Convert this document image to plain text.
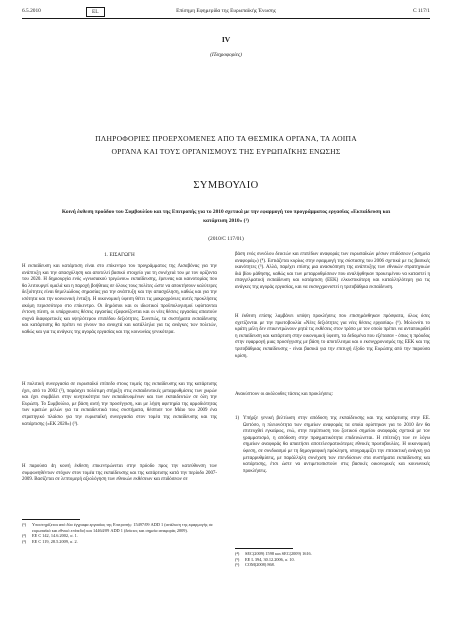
6.5.2010	EL	Επίσημη Εφημερίδα της Ευρωπαϊκής Ένωσης	C 117/1
IV
(Πληροφορίες)
ΠΛΗΡΟΦΟΡΙΕΣ ΠΡΟΕΡΧΟΜΕΝΕΣ ΑΠΟ ΤΑ ΘΕΣΜΙΚΑ ΟΡΓΑΝΑ, ΤΑ ΛΟΙΠΑ
ΟΡΓΑΝΑ ΚΑΙ ΤΟΥΣ ΟΡΓΑΝΙΣΜΟΥΣ ΤΗΣ ΕΥΡΩΠΑΪΚΗΣ ΕΝΩΣΗΣ
ΣΥΜΒΟΥΛΙΟ
Κοινή έκθεση προόδου του Συμβουλίου και της Επιτροπής για το 2010 σχετικά με την εφαρμογή του προγράμματος εργασίας «Εκπαίδευση και κατάρτιση 2010» (¹)
(2010/C 117/01)
1. ΕΙΣΑΓΩΓΗ

Η εκπαίδευση και κατάρτιση είναι στο επίκεντρο του προγράμματος της Λισαβόνας για την ανάπτυξη και την απασχόληση και αποτελεί βασικό στοιχείο για τη συνέχειά του με τον ορίζοντα του 2020. Η δημιουργία ενός «γνωσιακού τριγώνου» εκπαίδευσης, έρευνας και καινοτομίας που θα λειτουργεί ομαλά και η παροχή βοήθειας σε όλους τους πολίτες ώστε να αποκτήσουν καλύτερες δεξιότητες είναι θεμελιώδους σημασίας για την ανάπτυξη και την απασχόληση, καθώς και για την ισότητα και την κοινωνική ένταξη. Η οικονομική ύφεση θέτει τις μακροχρόνιες αυτές προκλήσεις ακόμη περισσότερο στο επίκεντρο. Οι δημόσιοι και οι ιδιωτικοί προϋπολογισμοί υφίστανται έντονη πίεση, οι υπάρχουσες θέσεις εργασίας εξαφανίζονται και οι νέες θέσεις εργασίας απαιτούν συχνά διαφορετικές και υψηλότερου επιπέδου δεξιότητες. Συνεπώς, τα συστήματα εκπαίδευσης και κατάρτισης θα πρέπει να γίνουν πιο ανοιχτά και κατάλληλα για τις ανάγκες των πολιτών, καθώς και για τις ανάγκες της αγοράς εργασίας και της κοινωνίας γενικότερα.

Η πολιτική συνεργασία σε ευρωπαϊκό επίπεδο στους τομείς της εκπαίδευσης και της κατάρτισης έχει, από το 2002 (²), παράσχει πολύτιμη στήριξη στις εκπαιδευτικές μεταρρυθμίσεις των χωρών και έχει συμβάλει στην κινητικότητα των εκπαιδευομένων και των εκπαιδευτών σε όλη την Ευρώπη. Το Συμβούλιο, με βάση αυτή την προσέγγιση, και με λήψη αφετηρία της αρμοδιότητας των κρατών μελών για τα εκπαιδευτικά τους συστήματα, θέσπισε τον Μάιο του 2009 ένα στρατηγικό πλαίσιο για την ευρωπαϊκή συνεργασία στον τομέα της εκπαίδευσης και της κατάρτισης («ΕΚ 2020») (³).

Η παρούσα 4η κοινή έκθεση επικεντρώνεται στην πρόοδο προς την κατεύθυνση των συμφωνηθέντων στόχων στον τομέα της εκπαίδευσης και της κατάρτισης κατά την περίοδο 2007-2009. Βασίζεται σε λεπτομερή αξιολόγηση των εθνικών εκθέσεων και επιδόσεων σε

(¹)	Υποστηρίζεται από δύο έγγραφα εργασίας της Επιτροπής: 15497/09 ADD 1 (ανάλυση της εφαρμογής σε ευρωπαϊκό και εθνικό επίπεδο) και 14464/09 ADD 1 (δείκτες και σημεία αναφοράς 2009).
(²)	ΕΕ C 142, 14.6.2002, σ. 1.
(³)	ΕΕ C 119, 28.5.2009, σ. 2.

βάση ενός συνόλου δεικτών και επιπέδων αναφοράς των ευρωπαϊκών μέσων επιδόσεων («σημεία αναφοράς») (⁴). Εστιάζεται κυρίως στην εφαρμογή της σύστασης του 2006 σχετικά με τις βασικές ικανότητες (⁵). Αλλά, παρέχει επίσης μια ανασκόπηση της ανάπτυξης των εθνικών στρατηγικών διά βίου μάθησης, καθώς και των μεταρρυθμίσεων που αναλήφθηκαν προκειμένου να καταστεί η επαγγελματική εκπαίδευση και κατάρτιση (ΕΕΚ) ελκυστικότερη και καταλληλότερη για τις ανάγκες της αγοράς εργασίας, και να εκσυγχρονιστεί η τριτοβάθμια εκπαίδευση.

Η έκθεση επίσης λαμβάνει υπόψη προκλήσεις που επισημάνθηκαν πρόσφατα, όλως όσες σχετίζονται με την πρωτοβουλία «Νέες δεξιότητες για νέες θέσεις εργασίας» (⁶). Μολονότι το κράτη μέλη δεν επικεντρώνουν ρητά τις εκθέσεις στον τρόπο με τον οποίο πρέπει να ανταποκριθεί η εκπαίδευση και κατάρτιση στην οικονομική ύφεση, τα δεδομένα που εξέτασαν - όπως η πρόοδος στην εφαρμογή μιας προσέγγισης με βάση το αποτέλεσμα και ο εκσυγχρονισμός της ΕΕΚ και της τριτοβάθμιας εκπαίδευσης - είναι βασικά για την επιτυχή έξοδο της Ευρώπης από την παρούσα κρίση.

Ανακύπτουν οι ακόλουθες τάσεις και προκλήσεις:

1) Υπήρξε γενική βελτίωση στην απόδοση της εκπαίδευσης και της κατάρτισης στην ΕΕ. Ωστόσο, η πλειονότητα των σημείων αναφοράς τα οποία ορίστηκαν για το 2010 δεν θα επιτευχθεί εγκαίρως, ενώ, στην περίπτωση του ζωτικού σημείου αναφοράς σχετικά με τον γραμματισμό, η απόδοση στην πραγματικότητα επιδεινώνεται. Η επίτευξη των εν λόγω σημείων αναφοράς θα απαιτήσει αποτελεσματικότερες εθνικές πρωτοβουλίες. Η οικονομική ύφεση, σε συνδυασμό με τη δημογραφική πρόκληση, υπογραμμίζει την επιτακτική ανάγκη για μεταρρυθμίσεις, με παράλληλη συνέχιση των επενδύσεων στα συστήματα εκπαίδευσης και κατάρτισης, έτσι ώστε να αντιμετωπιστούν στις βασικές οικονομικές και κοινωνικές προκλήσεις.
(⁴)	SEC(2009) 1598 και SEC(2009) 1616.
(⁵)	ΕΕ L 394, 30.12.2006, σ. 10.
(⁶)	COM(2008) 868.
